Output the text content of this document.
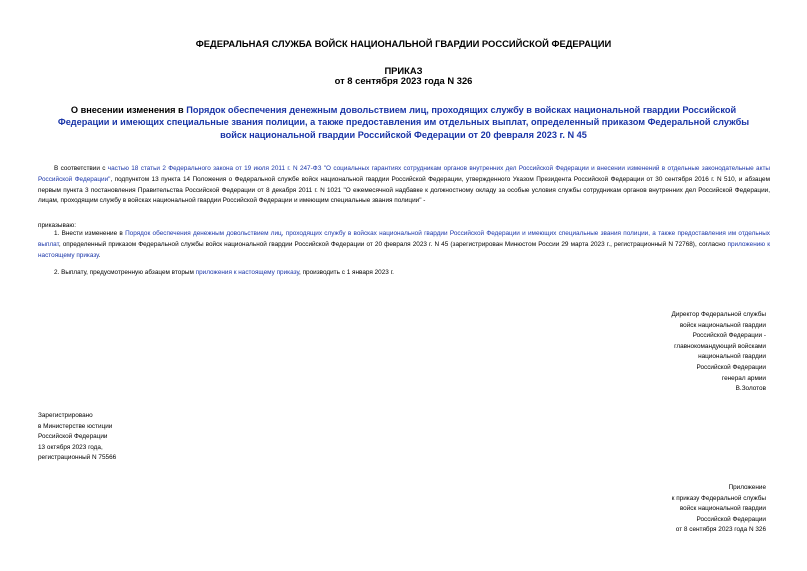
ФЕДЕРАЛЬНАЯ СЛУЖБА ВОЙСК НАЦИОНАЛЬНОЙ ГВАРДИИ РОССИЙСКОЙ ФЕДЕРАЦИИ
ПРИКАЗ
от 8 сентября 2023 года N 326
О внесении изменения в Порядок обеспечения денежным довольствием лиц, проходящих службу в войсках национальной гвардии Российской Федерации и имеющих специальные звания полиции, а также предоставления им отдельных выплат, определенный приказом Федеральной службы войск национальной гвардии Российской Федерации от 20 февраля 2023 г. N 45
В соответствии с частью 18 статьи 2 Федерального закона от 19 июля 2011 г. N 247-ФЗ "О социальных гарантиях сотрудникам органов внутренних дел Российской Федерации и внесении изменений в отдельные законодательные акты Российской Федерации", подпунктом 13 пункта 14 Положения о Федеральной службе войск национальной гвардии Российской Федерации, утвержденного Указом Президента Российской Федерации от 30 сентября 2016 г. N 510, и абзацем первым пункта 3 постановления Правительства Российской Федерации от 8 декабря 2011 г. N 1021 "О ежемесячной надбавке к должностному окладу за особые условия службы сотрудникам органов внутренних дел Российской Федерации, лицам, проходящим службу в войсках национальной гвардии Российской Федерации и имеющим специальные звания полиции" -
приказываю:
1. Внести изменение в Порядок обеспечения денежным довольствием лиц, проходящих службу в войсках национальной гвардии Российской Федерации и имеющих специальные звания полиции, а также предоставления им отдельных выплат, определенный приказом Федеральной службы войск национальной гвардии Российской Федерации от 20 февраля 2023 г. N 45 (зарегистрирован Минюстом России 29 марта 2023 г., регистрационный N 72768), согласно приложению к настоящему приказу.
2. Выплату, предусмотренную абзацем вторым приложения к настоящему приказу, производить с 1 января 2023 г.
Директор Федеральной службы
войск национальной гвардии
Российской Федерации -
главнокомандующий войсками
национальной гвардии
Российской Федерации
генерал армии
В.Золотов
Зарегистрировано
в Министерстве юстиции
Российской Федерации
13 октября 2023 года,
регистрационный N 75566
Приложение
к приказу Федеральной службы
войск национальной гвардии
Российской Федерации
от 8 сентября 2023 года N 326
